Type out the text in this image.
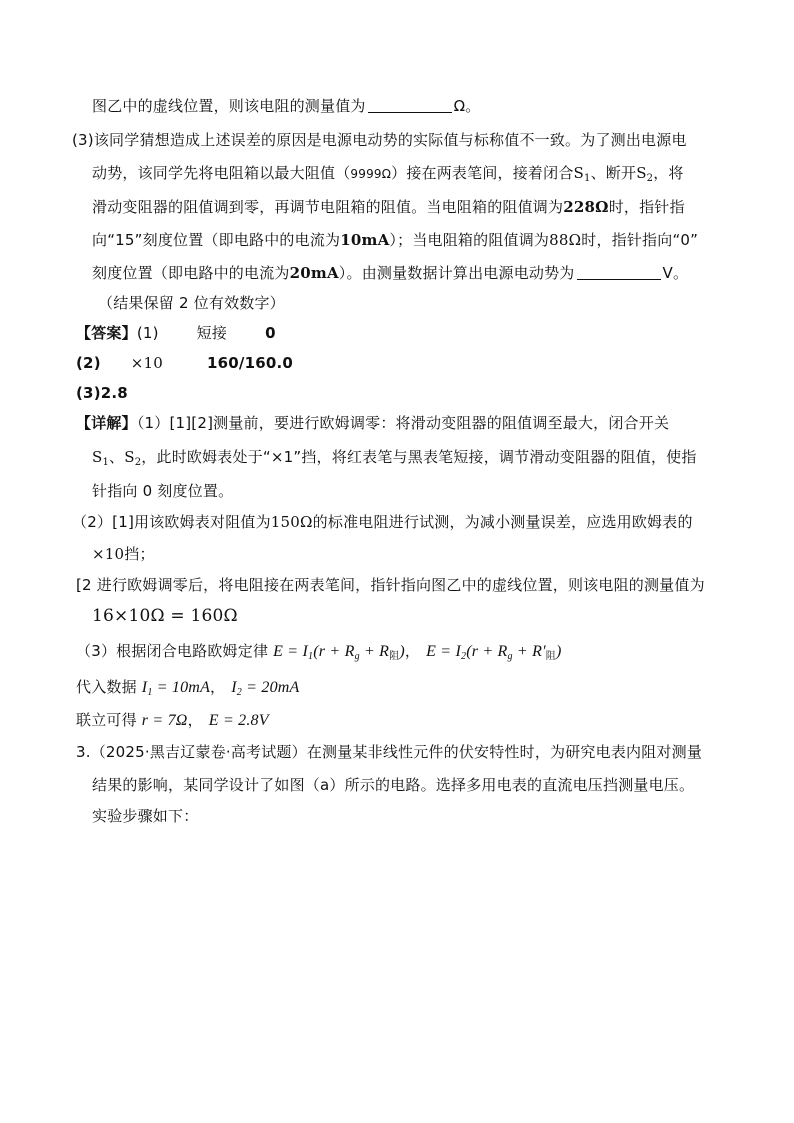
图乙中的虚线位置，则该电阻的测量值为	Ω。
(3)该同学猜想造成上述误差的原因是电源电动势的实际值与标称值不一致。为了测出电源电
动势，该同学先将电阻箱以最大阻值（9999Ω）接在两表笔间，接着闭合$S_1$、断开$S_2$，将
滑动变阻器的阻值调到零，再调节电阻箱的阻值。当电阻箱的阻值调为228Ω时，指针指
向“15”刻度位置（即电路中的电流为10mA）；当电阻箱的阻值调为88Ω时，指针指向“0”
刻度位置（即电路中的电流为20mA）。由测量数据计算出电源电动势为	V。
（结果保留 2 位有效数字）
【答案】(1)	短接	0
(2) ×10	160/160.0
(3)2.8
【详解】（1）[1][2]测量前，要进行欧姆调零：将滑动变阻器的阻值调至最大，闭合开关
$S_1$、$S_2$，此时欧姆表处于“×1”挡，将红表笔与黑表笔短接，调节滑动变阻器的阻值，使指
针指向 0 刻度位置。
（2）[1]用该欧姆表对阻值为150Ω的标准电阻进行试测，为减小测量误差，应选用欧姆表的
×10挡；
[2 进行欧姆调零后，将电阻接在两表笔间，指针指向图乙中的虚线位置，则该电阻的测量值为
16×10Ω = 160Ω
（3）根据闭合电路欧姆定律 $E = I_1(r + R_g + R_阻)$， $E = I_2(r + R_g + R'_阻)$
代入数据 $I_1 = 10mA$， $I_2 = 20mA$
联立可得 r = 7Ω， E = 2.8V
3.（2025·黑吉辽蒙卷·高考试题）在测量某非线性元件的伏安特性时，为研究电表内阻对测量
结果的影响，某同学设计了如图（a）所示的电路。选择多用电表的直流电压挡测量电压。
实验步骤如下：
